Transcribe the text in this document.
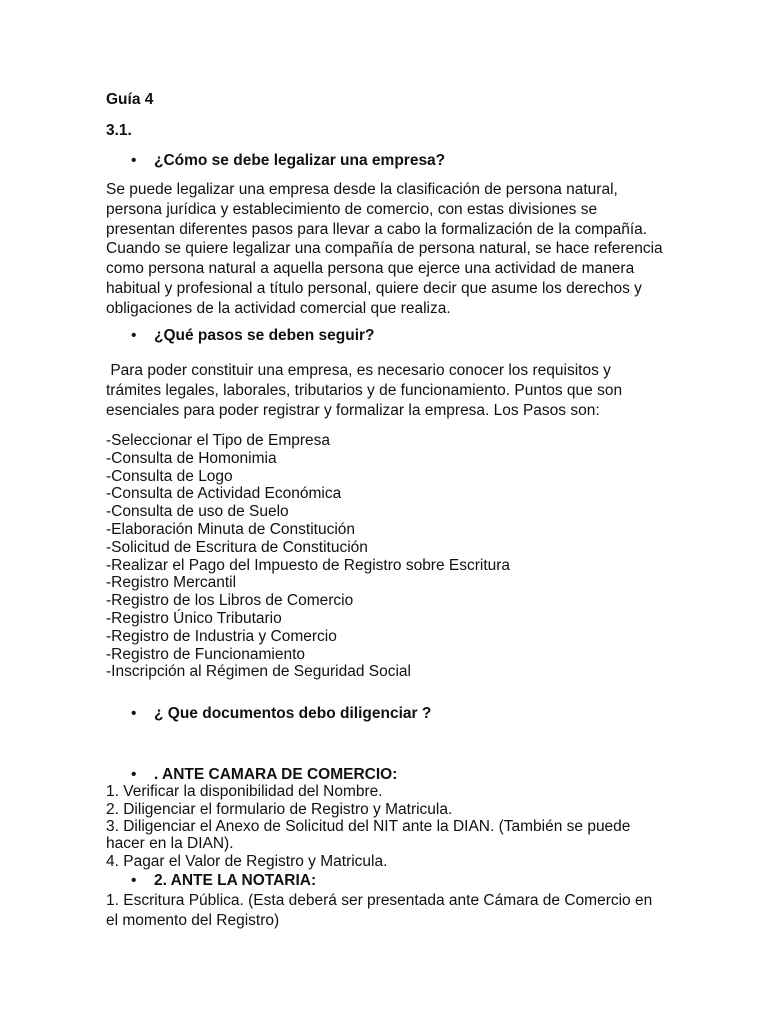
Guía 4
3.1.
• ¿Cómo se debe legalizar una empresa?
Se puede legalizar una empresa desde la clasificación de persona natural, persona jurídica y establecimiento de comercio, con estas divisiones se presentan diferentes pasos para llevar a cabo la formalización de la compañía. Cuando se quiere legalizar una compañía de persona natural, se hace referencia como persona natural a aquella persona que ejerce una actividad de manera habitual y profesional a título personal, quiere decir que asume los derechos y obligaciones de la actividad comercial que realiza.
• ¿Qué pasos se deben seguir?
Para poder constituir una empresa, es necesario conocer los requisitos y trámites legales, laborales, tributarios y de funcionamiento. Puntos que son esenciales para poder registrar y formalizar la empresa. Los Pasos son:
-Seleccionar el Tipo de Empresa
-Consulta de Homonimia
-Consulta de Logo
-Consulta de Actividad Económica
-Consulta de uso de Suelo
-Elaboración Minuta de Constitución
-Solicitud de Escritura de Constitución
-Realizar el Pago del Impuesto de Registro sobre Escritura
-Registro Mercantil
-Registro de los Libros de Comercio
-Registro Único Tributario
-Registro de Industria y Comercio
-Registro de Funcionamiento
-Inscripción al Régimen de Seguridad Social
• ¿ Que documentos debo diligenciar ?
• . ANTE CAMARA DE COMERCIO:
1. Verificar la disponibilidad del Nombre.
2. Diligenciar el formulario de Registro y Matricula.
3. Diligenciar el Anexo de Solicitud del NIT ante la DIAN. (También se puede hacer en la DIAN).
4. Pagar el Valor de Registro y Matricula.
• 2. ANTE LA NOTARIA:
1. Escritura Pública. (Esta deberá ser presentada ante Cámara de Comercio en el momento del Registro)
